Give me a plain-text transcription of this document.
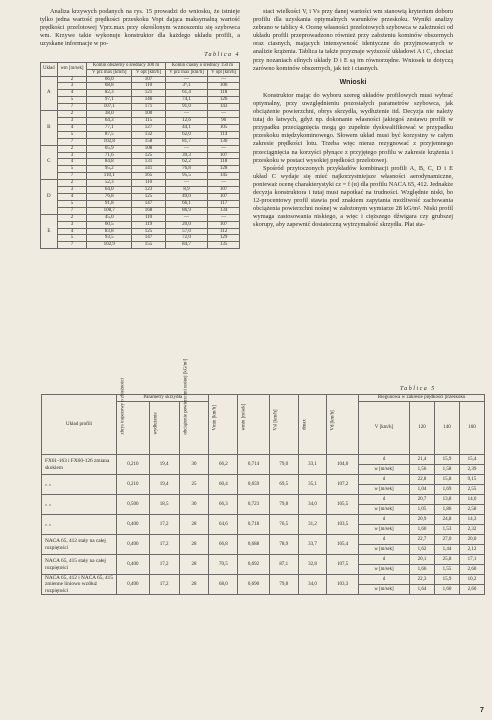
Analiza krzywych podanych na rys. 15 prowadzi do wniosku, że istnieje tylko jedna wartość prędkości przeskoku Vopt dająca maksymalną wartość prędkości przelotowej Vprz.max przy określonym wznoszeniu się szybowca wm. Krzywe takie wykonuje konstruktor dla każdego układu profili, a uzyskane informacje w po-

Tablica 4
Układ	wm [m/sek]	Komin obszerny o średnicy 300 m		Komin ciasny o średnicy 150 m	
		V prz max [km/h]	V opt [km/h]	V prz max [km/h]	V opt [km/h]
A	2	66,0	107	—	—
	3	68,8	110	3⁵,1	106
	4	82,3	121	61,4	118
	5	97,1	146	74,1	126
	7	107,1	171	91,0	143
B	2	38,0	100	—	—
	3	64,3	115	12,6	96
	4	77,1	127	44,1	105
	5	87,5	132	62,0	114
	7	102,8	158	81,7	130
C	2	65,9	108	—	—
	3	71,6	125	39,3	107
	4	84,8	131	62,2	118
	5	95,2	141	76,8	128
	7	110,1	165	95,5	145
D	2	52,3	110	—	—
	3	64,0	123	8,9	107
	4	76,8	125	49,0	107
	5	91,8	147	66,1	117
	7	108,7	168	86,9	134
E	2	45,0	110	—	—
	3	60,5	119	20,0	107
	4	83,8	125	57,0	112
	5	93,5	147	72,0	129
	7	102,9	155	84,7	135

staci wielkości V, i Vs przy danej wartości wm stanowią kryterium doboru profilu dla uzyskania optymalnych warunków przeskoku. Wyniki analizy zebrano w tablicy 4. Ocenę własności przelotowych szybowca w zależności od układu profili przeprowadzono również przy założeniu kominów obszernych oraz ciasnych, mających intensywność identyczne do przyjmowanych w analizie krążenia. Tablica ta także przyznaje wyższość układowi A i C, chociaż przy nozaniach silnych układy D i E są im równorzędne. Wniosek te dotyczą zarówno kominów obszernych, jak też i ciasnych.

Wnioski

Konstruktor mając do wyboru szereg układów profilowych musi wybrać optymalny, przy uwzględnieniu pozostałych parametrów szybowca, jak obciążenie powierzchni, obrys skrzydła, wydłużenie itd. Decyzja nie należy tutaj do łatwych, gdyż np. dokonanie własności jakiegoś zestawu profili w przypadku przeciągnięcia mogą go zupełnie dyskwalifikować w przypadku przeskoku międzykominowego. Słowem układ musi być korzystny w całym zakresie prędkości lotu. Trzeba więc nieraz rezygnować z przyjemnego przeciągnięcia na korzyści płynące z przyjętego profilu w zakresie krążenia i przeskoku w postaci wysokiej prędkości przelotowej.

Spośród przytoczonych przykładów kombinacji profili A, B, C, D i E układ C wydaje się mieć najkorzystniejsze własności aerodynamiczne, ponieważ ocenę charakterystyki cz = f (α) dla profilu NACA 65, 412. Jednakże decyzja konstruktora i tutaj musi napotkać na trudności. Względnie niski, bo 12-procentowy profil stawia pod znakiem zapytania możliwość zachowania obciążenia powierzchni nośnej w założonym wymiarze 28 kG/m². Niski profil wymaga zastosowania niskiego, a więc i cięższego dźwigara czy grubszej skorupy, aby zapewnić dostateczną wytrzymałość skrzydła. Płat sta-

Tablica 5
Układ profili	Parametry skrzydła			Vmin [km/h]	wmin [m/sek]	Vsl [km/h]	dmax	Vd [km/h]	Biegunowa w zakresie prędkości przeskoku			

	zbrys trapezowy o zbieżności	wydłużenie	obciążenie powierzchni nośnej [kG/m²]						V [km/h]	120	140	160
FX61-163 i FX60-126 zmiana skokiem	0,210	19,4	30	66,2	0,714	79,0	33,1	104,0	d	21,4	15,9	15,4
									w [m/sek]	1,56	1,58	2,39
„ „	0,210	19,4	25	60,4	0,659	69,5	35,1	107,2	d	22,8	15,8	9,15
									w [m/sek]	1,04	1,69	2,55
„ „	0,500	18,5	30	66,3	0,723	79,8	34,0	105,5	d	20,7	13,8	14,0
									w [m/sek]	1,05	1,86	2,58
„ „	0,400	17,2	28	64,6	0,718	76,5	31,2	103,5	d	20,9	24,8	14,3
									w [m/sek]	1,60	1,53	2,32
NACA 65, 412 stały na całej rozpiętości	0,400	17,2	28	66,8	0,688	78,9	33,7	105,4	d	22,7	27,0	20,0
									w [m/sek]	1,62	1,44	2,12
NACA 65, 415 stały na całej rozpiętości	0,400	17,2	28	70,5	0,692	87,1	32,8	107,5	d	20,1	25,8	17,1
									w [m/sek]	1,66	1,55	2,60
NACA 65, 412 i NACA 65, 415 zmienne liniowo wzdłuż rozpiętości	0,400	17,2	28	68,0	0,690	79,8	34,0	103,3	d	22,3	15,9	10,2
									w [m/sek]	1,64	1,60	2,60
7
